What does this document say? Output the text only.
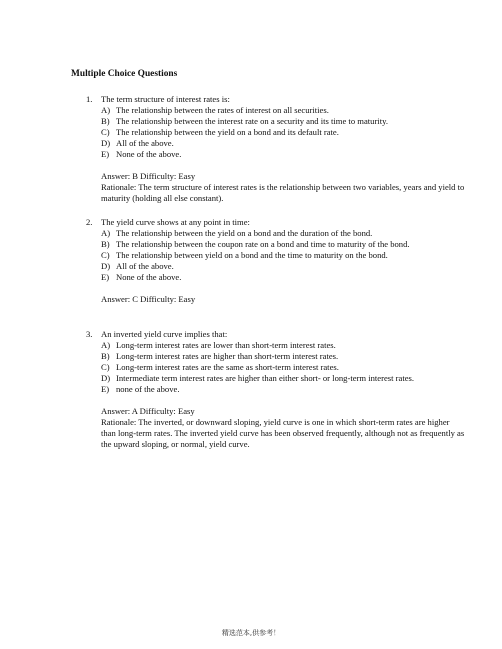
Multiple Choice Questions
1. The term structure of interest rates is:
A) The relationship between the rates of interest on all securities.
B) The relationship between the interest rate on a security and its time to maturity.
C) The relationship between the yield on a bond and its default rate.
D) All of the above.
E) None of the above.
Answer: B Difficulty: Easy
Rationale: The term structure of interest rates is the relationship between two variables, years and yield to maturity (holding all else constant).
2. The yield curve shows at any point in time:
A) The relationship between the yield on a bond and the duration of the bond.
B) The relationship between the coupon rate on a bond and time to maturity of the bond.
C) The relationship between yield on a bond and the time to maturity on the bond.
D) All of the above.
E) None of the above.
Answer: C Difficulty: Easy
3. An inverted yield curve implies that:
A) Long-term interest rates are lower than short-term interest rates.
B) Long-term interest rates are higher than short-term interest rates.
C) Long-term interest rates are the same as short-term interest rates.
D) Intermediate term interest rates are higher than either short- or long-term interest rates.
E) none of the above.
Answer: A Difficulty: Easy
Rationale: The inverted, or downward sloping, yield curve is one in which short-term rates are higher than long-term rates. The inverted yield curve has been observed frequently, although not as frequently as the upward sloping, or normal, yield curve.
精选范本,供参考！
